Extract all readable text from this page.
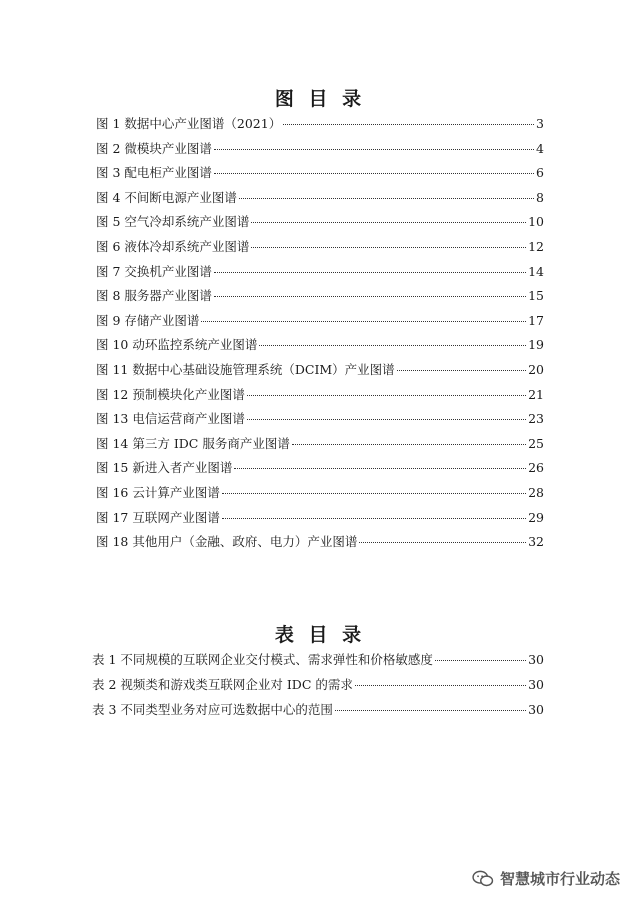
图 目 录
图 1 数据中心产业图谱（2021）	3
图 2 微模块产业图谱	4
图 3 配电柜产业图谱	6
图 4 不间断电源产业图谱	8
图 5 空气冷却系统产业图谱	10
图 6 液体冷却系统产业图谱	12
图 7 交换机产业图谱	14
图 8 服务器产业图谱	15
图 9 存储产业图谱	17
图 10 动环监控系统产业图谱	19
图 11 数据中心基础设施管理系统（DCIM）产业图谱	20
图 12 预制模块化产业图谱	21
图 13 电信运营商产业图谱	23
图 14 第三方 IDC 服务商产业图谱	25
图 15 新进入者产业图谱	26
图 16 云计算产业图谱	28
图 17 互联网产业图谱	29
图 18 其他用户（金融、政府、电力）产业图谱	32
表 目 录
表 1 不同规模的互联网企业交付模式、需求弹性和价格敏感度	30
表 2 视频类和游戏类互联网企业对 IDC 的需求	30
表 3 不同类型业务对应可选数据中心的范围	30
智慧城市行业动态
